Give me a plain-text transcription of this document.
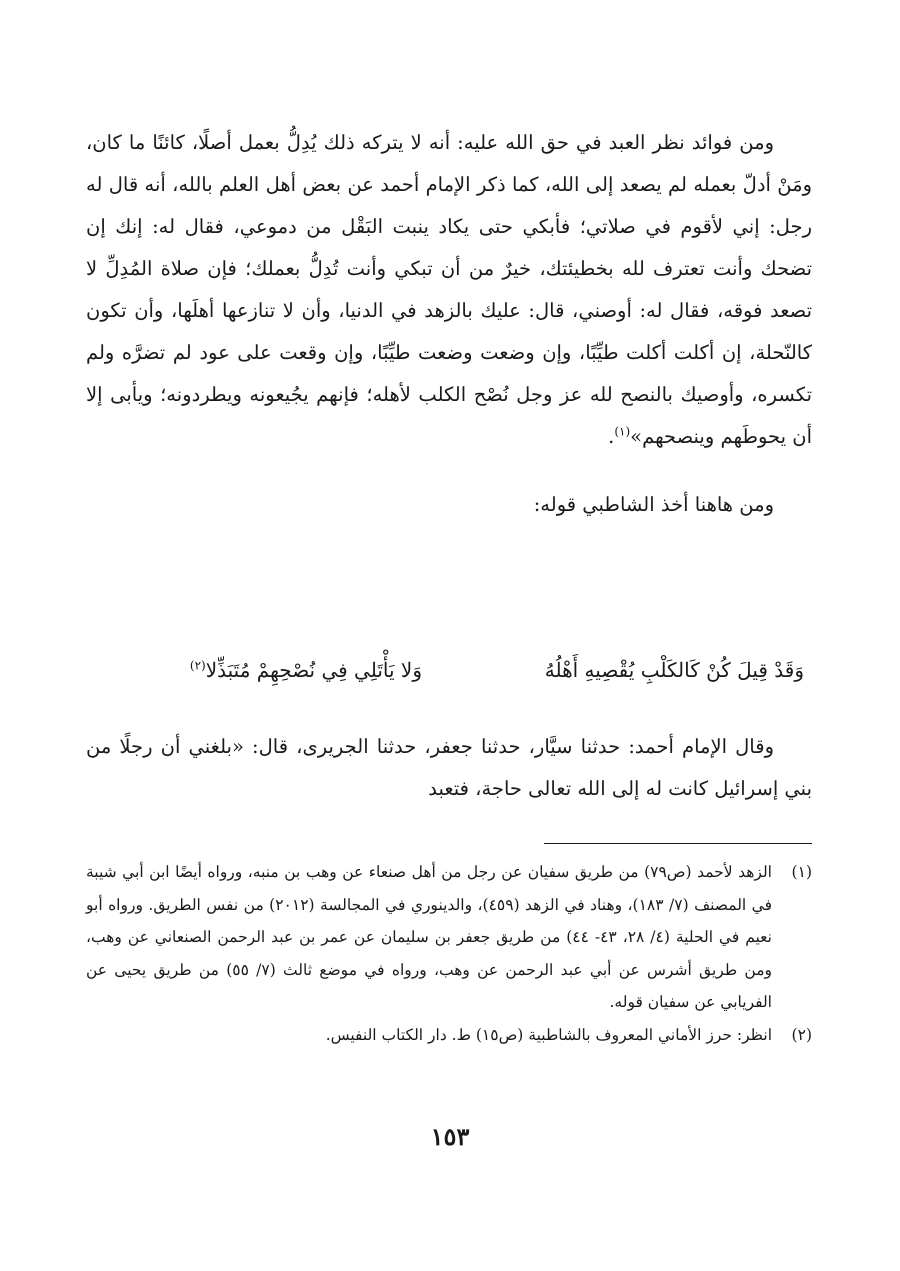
ومن فوائد نظر العبد في حق الله عليه: أنه لا يتركه ذلك يُدِلُّ بعمل أصلًا، كائنًا ما كان، ومَنْ أدلّ بعمله لم يصعد إلى الله، كما ذكر الإمام أحمد عن بعض أهل العلم بالله، أنه قال له رجل: إني لأقوم في صلاتي؛ فأبكي حتى يكاد ينبت البَقْل من دموعي، فقال له: إنك إن تضحك وأنت تعترف لله بخطيئتك، خيرٌ من أن تبكي وأنت تُدِلُّ بعملك؛ فإن صلاة المُدِلِّ لا تصعد فوقه، فقال له: أوصني، قال: عليك بالزهد في الدنيا، وأن لا تنازعها أهلَها، وأن تكون كالنّحلة، إن أكلت أكلت طيِّبًا، وإن وضعت وضعت طيِّبًا، وإن وقعت على عود لم تضرَّه ولم تكسره، وأوصيك بالنصح لله عز وجل نُصْح الكلب لأهله؛ فإنهم يجُيعونه ويطردونه؛ ويأبى إلا أن يحوطَهم وينصحهم»$^{(١)}$.

ومن هاهنا أخذ الشاطبي قوله:

وَقَدْ قِيلَ كُنْ كَالكَلْبِ يُقْصِيهِ أَهْلُهُ
وَلا يَأْتَلِي فِي نُصْحِهِمْ مُتَبَذِّلا$^{(٢)}$

وقال الإمام أحمد: حدثنا سيَّار، حدثنا جعفر، حدثنا الجريرى، قال: «بلغني أن رجلًا من بني إسرائيل كانت له إلى الله تعالى حاجة، فتعبد

(١)
الزهد لأحمد (ص٧٩) من طريق سفيان عن رجل من أهل صنعاء عن وهب بن منبه، ورواه أيضًا ابن أبي شيبة في المصنف (٧/ ١٨٣)، وهناد في الزهد (٤٥٩)، والدينوري في المجالسة (٢٠١٢) من نفس الطريق. ورواه أبو نعيم في الحلية (٤/ ٢٨، ٤٣- ٤٤) من طريق جعفر بن سليمان عن عمر بن عبد الرحمن الصنعاني عن وهب، ومن طريق أشرس عن أبي عبد الرحمن عن وهب، ورواه في موضع ثالث (٧/ ٥٥) من طريق يحيى عن الفريابي عن سفيان قوله.
(٢)
انظر: حرز الأماني المعروف بالشاطبية (ص١٥) ط. دار الكتاب النفيس.
١٥٣
